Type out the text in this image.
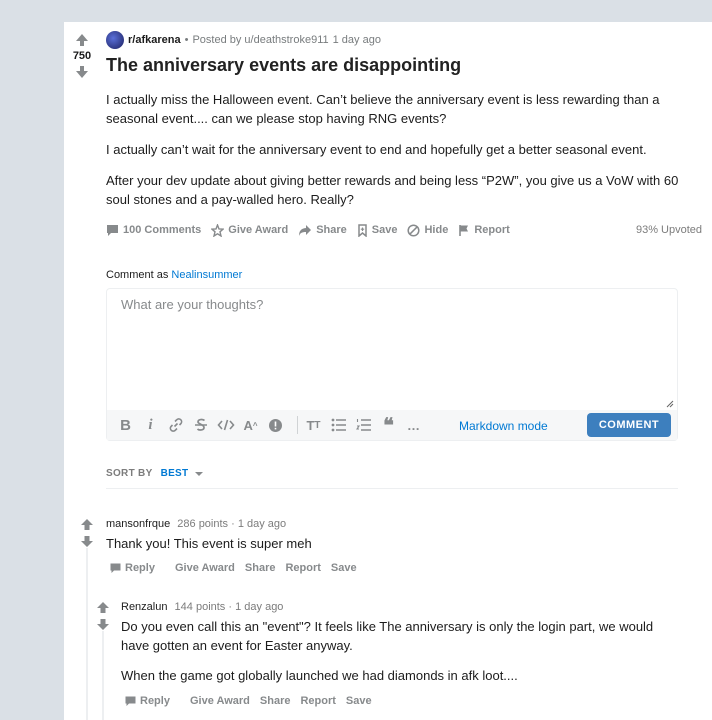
750
r/afkarena • Posted by u/deathstroke911 1 day ago
The anniversary events are disappointing

I actually miss the Halloween event. Can’t believe the anniversary event is less rewarding than a seasonal event.... can we please stop having RNG events?

I actually can’t wait for the anniversary event to end and hopefully get a better seasonal event.

After your dev update about giving better rewards and being less “P2W”, you give us a VoW with 60 soul stones and a pay-walled hero. Really?

100 Comments Give Award	Share Save Hide Report	93% Upvoted
Comment as Nealinsummer
What are your thoughts?
B	i	A ^	T T	❝	…	Markdown mode	COMMENT
SORT BY BEST
mansonfrque 286 points · 1 day ago

Thank you! This event is super meh

Reply Give Award Share Report Save
Renzalun 144 points · 1 day ago

Do you even call this an "event"? It feels like The anniversary is only the login part, we would have gotten an event for Easter anyway.

When the game got globally launched we had diamonds in afk loot....

Reply Give Award Share Report Save
